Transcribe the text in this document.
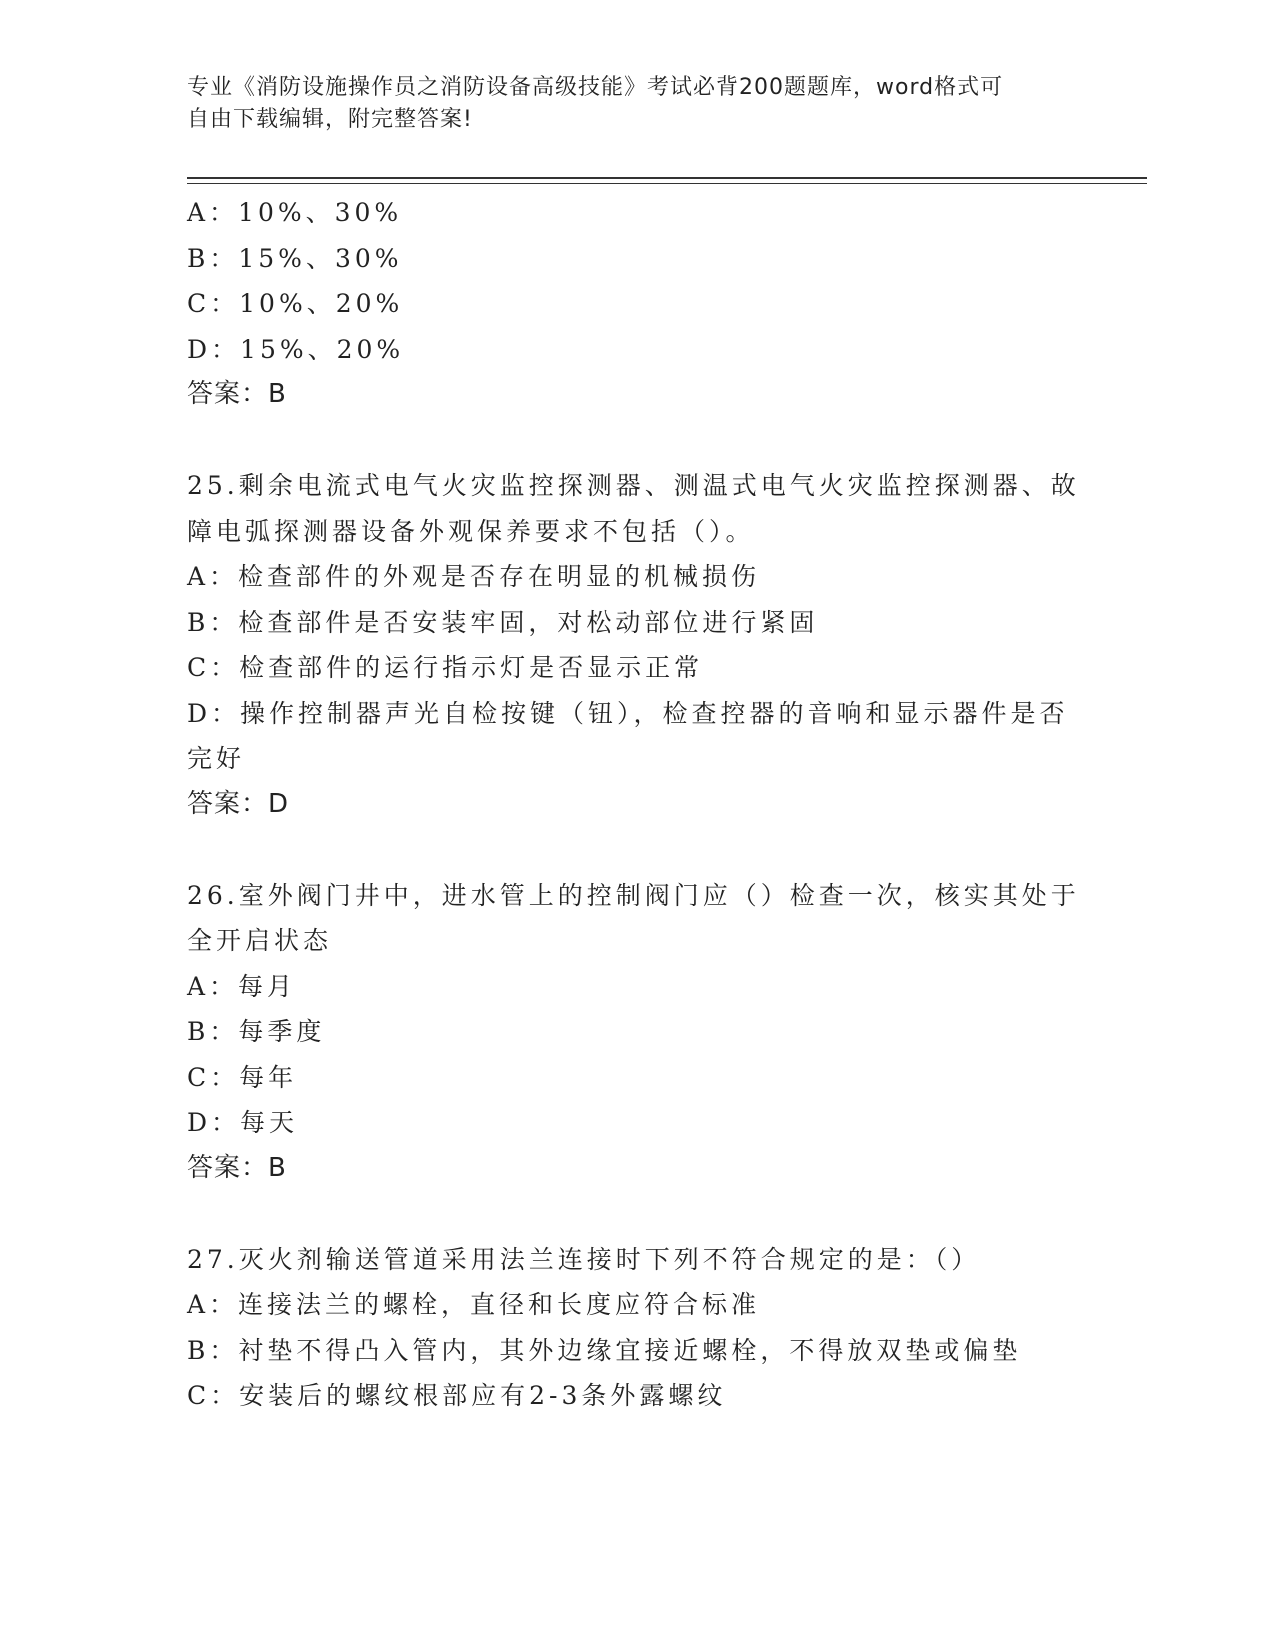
专业《消防设施操作员之消防设备高级技能》考试必背200题题库，word格式可
自由下载编辑，附完整答案!

A：10%、30%

B：15%、30%

C：10%、20%

D：15%、20%

答案：B

25.剩余电流式电气火灾监控探测器、测温式电气火灾监控探测器、故

障电弧探测器设备外观保养要求不包括（）。

A：检查部件的外观是否存在明显的机械损伤

B：检查部件是否安装牢固，对松动部位进行紧固

C：检查部件的运行指示灯是否显示正常

D：操作控制器声光自检按键（钮），检查控器的音响和显示器件是否

完好

答案：D

26.室外阀门井中，进水管上的控制阀门应（）检查一次，核实其处于

全开启状态

A：每月

B：每季度

C：每年

D：每天

答案：B

27.灭火剂输送管道采用法兰连接时下列不符合规定的是：（）

A：连接法兰的螺栓，直径和长度应符合标准

B：衬垫不得凸入管内，其外边缘宜接近螺栓，不得放双垫或偏垫

C：安装后的螺纹根部应有2-3条外露螺纹
